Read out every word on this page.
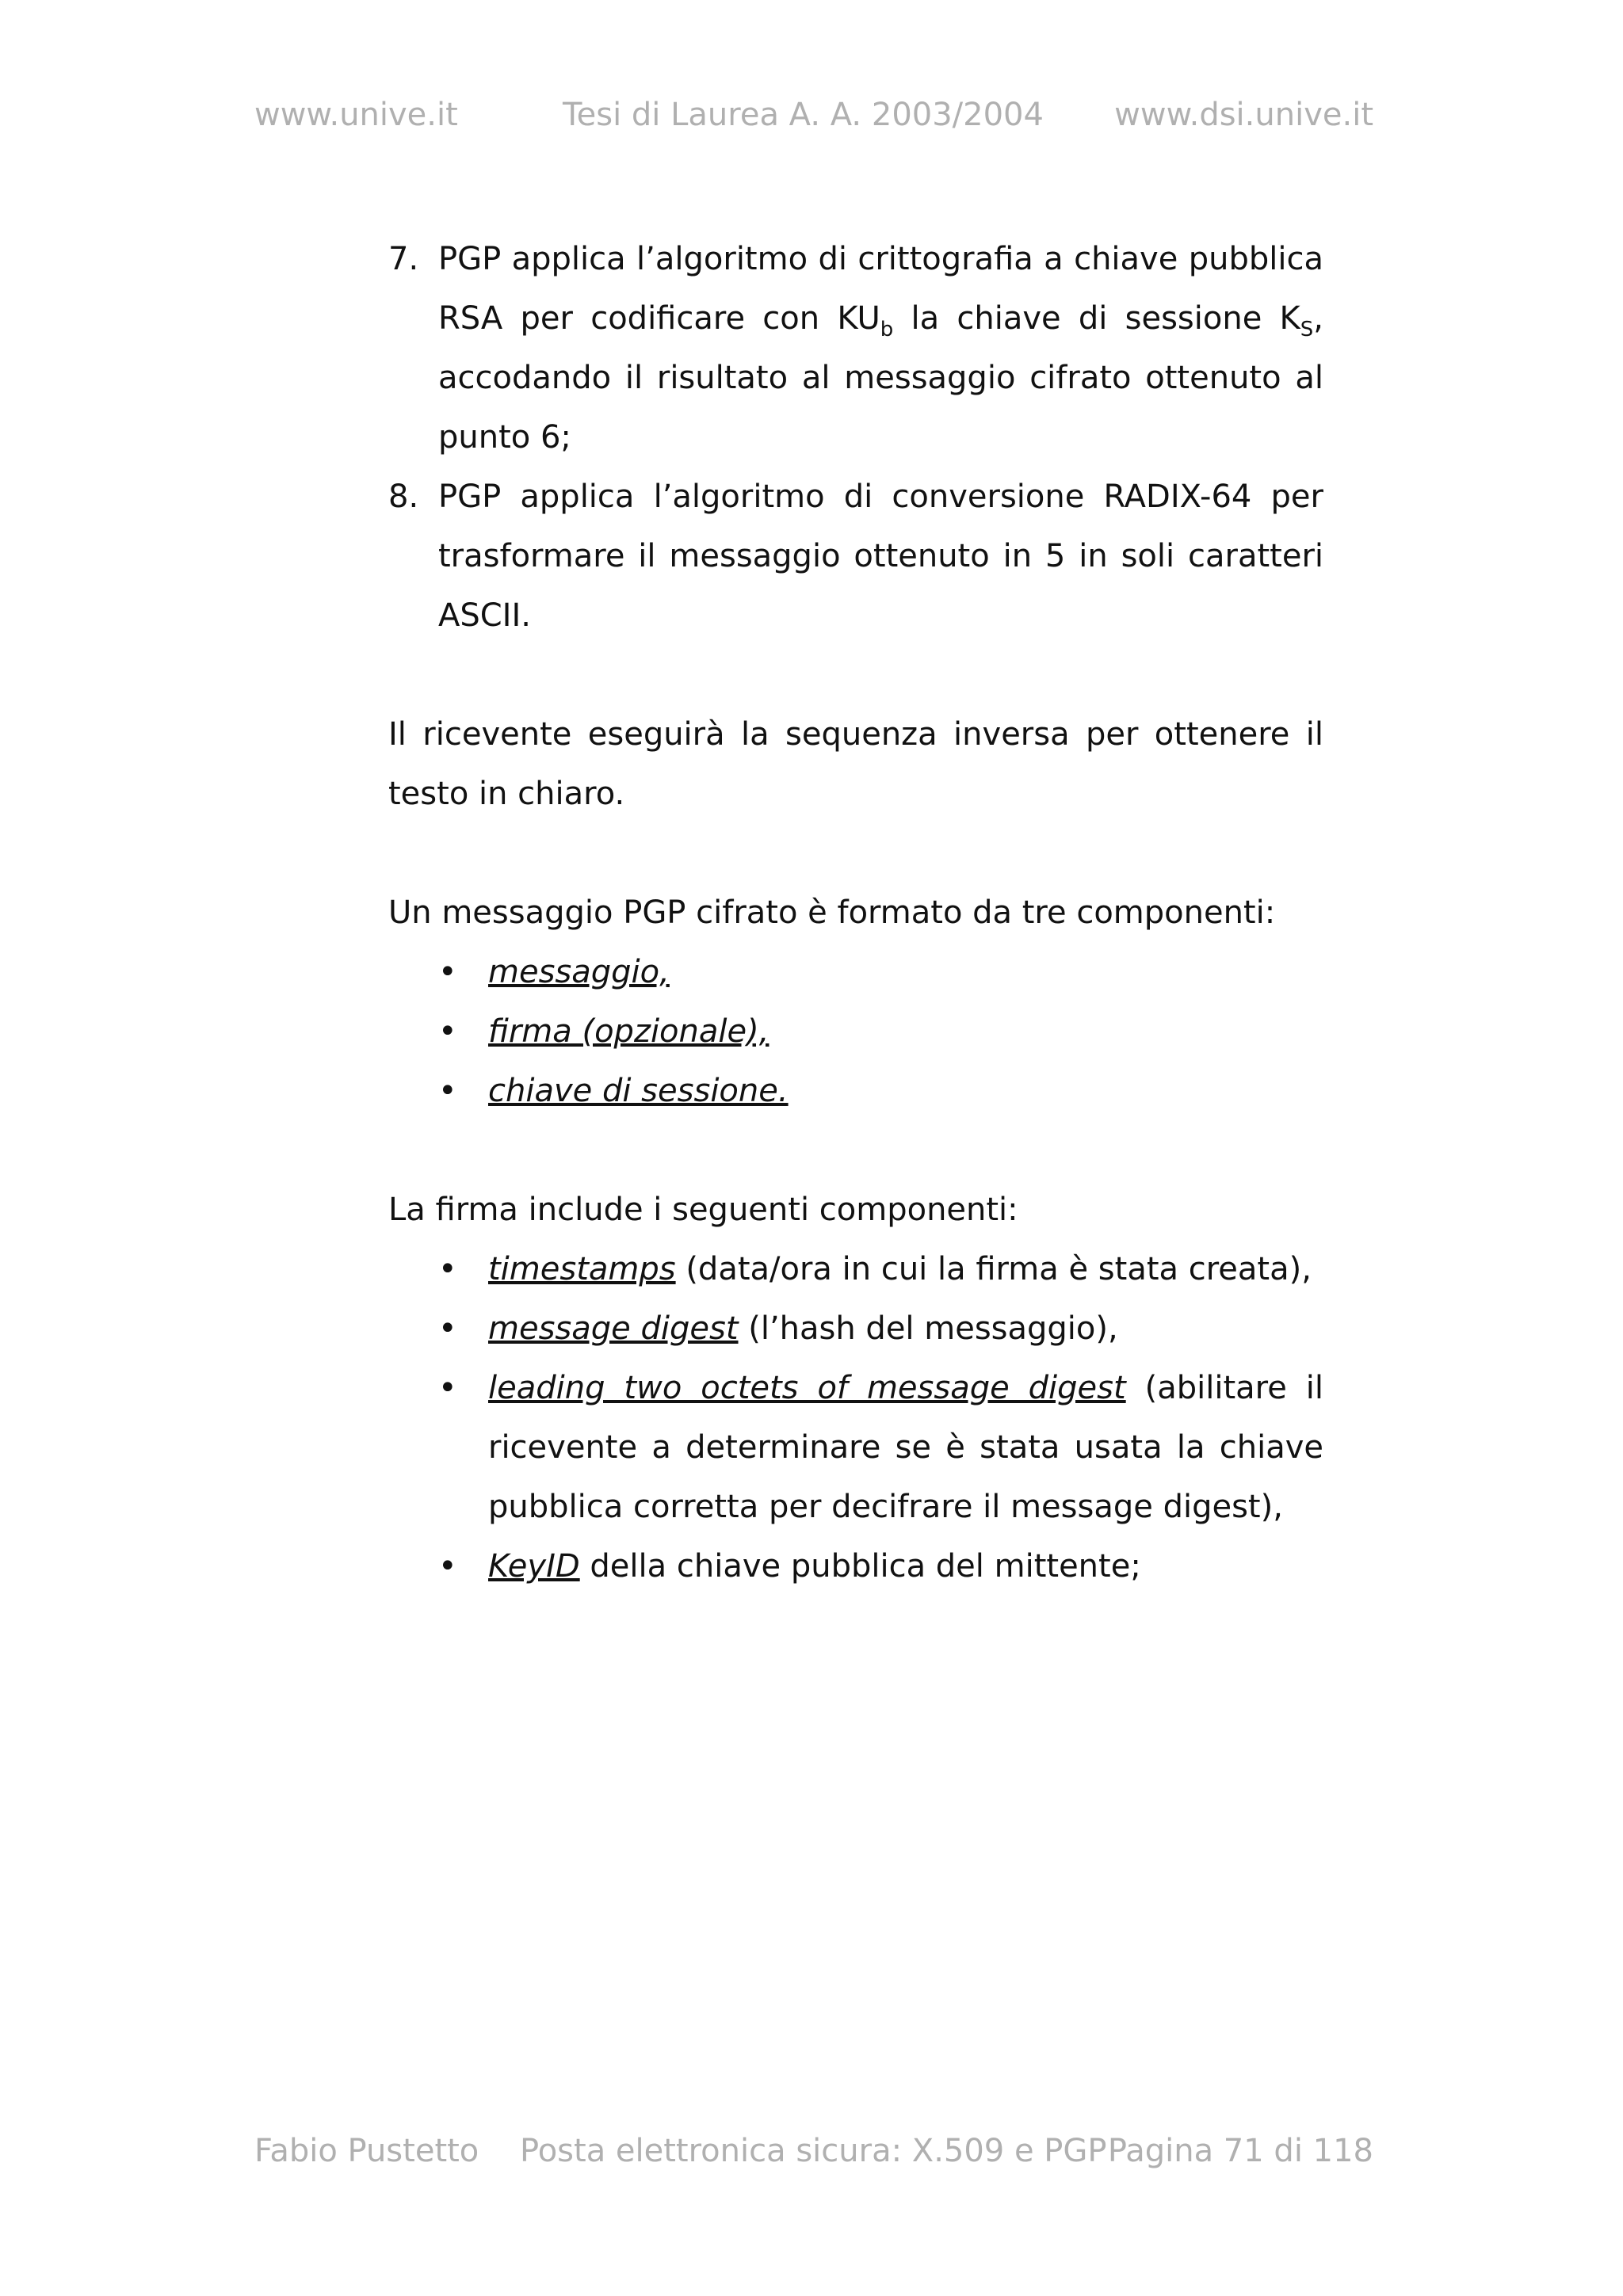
www.unive.it	Tesi di Laurea A. A. 2003/2004 www.dsi.unive.it
7. PGP applica l’algoritmo di crittografia a chiave pubblica RSA per codificare con $KU_b$ la chiave di sessione $K_S$, accodando il risultato al messaggio cifrato ottenuto al punto 6;
8. PGP applica l’algoritmo di conversione RADIX-64 per trasformare il messaggio ottenuto in 5 in soli caratteri ASCII.
Il ricevente eseguirà la sequenza inversa per ottenere il testo in chiaro.
Un messaggio PGP cifrato è formato da tre componenti:
• messaggio,
• firma (opzionale),
• chiave di sessione.
La firma include i seguenti componenti:
• timestamps (data/ora in cui la firma è stata creata),
• message digest (l’hash del messaggio),
• leading two octets of message digest (abilitare il ricevente a determinare se è stata usata la chiave pubblica corretta per decifrare il message digest),
• KeyID della chiave pubblica del mittente;
Fabio Pustetto Posta elettronica sicura: X.509 e PGP Pagina 71 di 118
